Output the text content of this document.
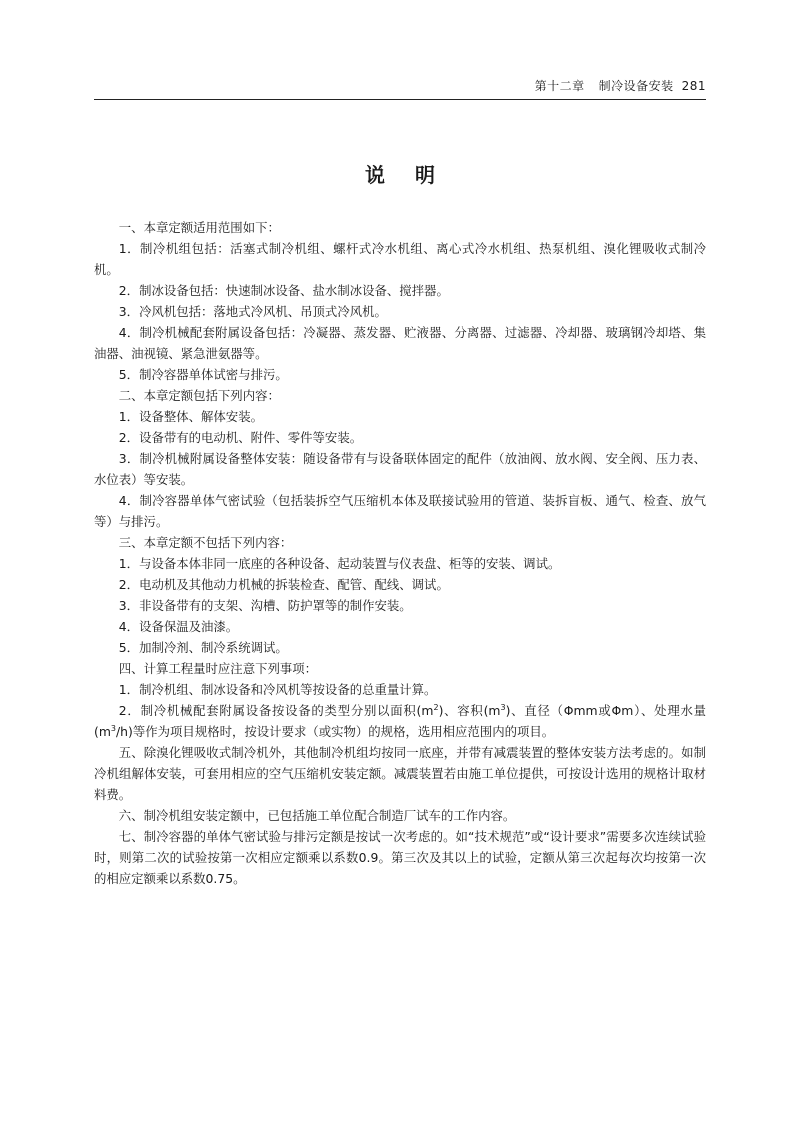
第十二章 制冷设备安装 281
说明

一、本章定额适用范围如下：

1．制冷机组包括：活塞式制冷机组、螺杆式冷水机组、离心式冷水机组、热泵机组、溴化锂吸收式制冷机。

2．制冰设备包括：快速制冰设备、盐水制冰设备、搅拌器。

3．冷风机包括：落地式冷风机、吊顶式冷风机。

4．制冷机械配套附属设备包括：冷凝器、蒸发器、贮液器、分离器、过滤器、冷却器、玻璃钢冷却塔、集油器、油视镜、紧急泄氨器等。

5．制冷容器单体试密与排污。

二、本章定额包括下列内容：

1．设备整体、解体安装。

2．设备带有的电动机、附件、零件等安装。

3．制冷机械附属设备整体安装：随设备带有与设备联体固定的配件（放油阀、放水阀、安全阀、压力表、水位表）等安装。

4．制冷容器单体气密试验（包括装拆空气压缩机本体及联接试验用的管道、装拆盲板、通气、检查、放气等）与排污。

三、本章定额不包括下列内容：

1．与设备本体非同一底座的各种设备、起动装置与仪表盘、柜等的安装、调试。

2．电动机及其他动力机械的拆装检查、配管、配线、调试。

3．非设备带有的支架、沟槽、防护罩等的制作安装。

4．设备保温及油漆。

5．加制冷剂、制冷系统调试。

四、计算工程量时应注意下列事项：

1．制冷机组、制冰设备和冷风机等按设备的总重量计算。

2．制冷机械配套附属设备按设备的类型分别以面积$(m^2)$、容积$(m^3)$、直径（Φmm或Φm）、处理水量$(m^3/h)$等作为项目规格时，按设计要求（或实物）的规格，选用相应范围内的项目。

五、除溴化锂吸收式制冷机外，其他制冷机组均按同一底座，并带有减震装置的整体安装方法考虑的。如制冷机组解体安装，可套用相应的空气压缩机安装定额。减震装置若由施工单位提供，可按设计选用的规格计取材料费。

六、制冷机组安装定额中，已包括施工单位配合制造厂试车的工作内容。

七、制冷容器的单体气密试验与排污定额是按试一次考虑的。如“技术规范”或“设计要求”需要多次连续试验时，则第二次的试验按第一次相应定额乘以系数0.9。第三次及其以上的试验，定额从第三次起每次均按第一次的相应定额乘以系数0.75。
